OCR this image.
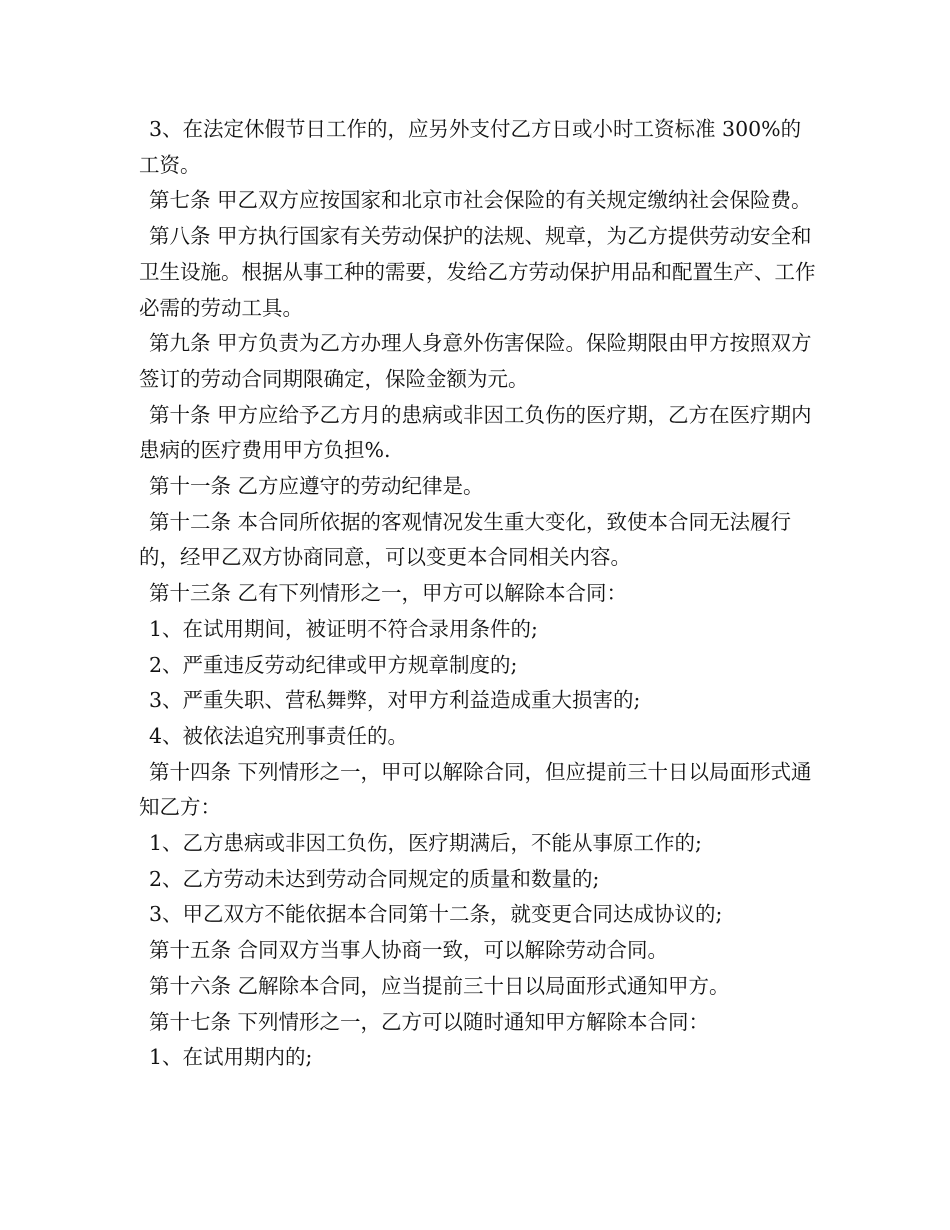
3、在法定休假节日工作的，应另外支付乙方日或小时工资标准 300%的工资。

第七条 甲乙双方应按国家和北京市社会保险的有关规定缴纳社会保险费。

第八条 甲方执行国家有关劳动保护的法规、规章，为乙方提供劳动安全和卫生设施。根据从事工种的需要，发给乙方劳动保护用品和配置生产、工作必需的劳动工具。

第九条 甲方负责为乙方办理人身意外伤害保险。保险期限由甲方按照双方签订的劳动合同期限确定，保险金额为元。

第十条 甲方应给予乙方月的患病或非因工负伤的医疗期，乙方在医疗期内患病的医疗费用甲方负担%.

第十一条 乙方应遵守的劳动纪律是。

第十二条 本合同所依据的客观情况发生重大变化，致使本合同无法履行的，经甲乙双方协商同意，可以变更本合同相关内容。

第十三条 乙有下列情形之一，甲方可以解除本合同：

1、在试用期间，被证明不符合录用条件的;

2、严重违反劳动纪律或甲方规章制度的;

3、严重失职、营私舞弊，对甲方利益造成重大损害的;

4、被依法追究刑事责任的。

第十四条 下列情形之一，甲可以解除合同，但应提前三十日以局面形式通知乙方：

1、乙方患病或非因工负伤，医疗期满后，不能从事原工作的;

2、乙方劳动未达到劳动合同规定的质量和数量的;

3、甲乙双方不能依据本合同第十二条，就变更合同达成协议的;

第十五条 合同双方当事人协商一致，可以解除劳动合同。

第十六条 乙解除本合同，应当提前三十日以局面形式通知甲方。

第十七条 下列情形之一，乙方可以随时通知甲方解除本合同：

1、在试用期内的;
